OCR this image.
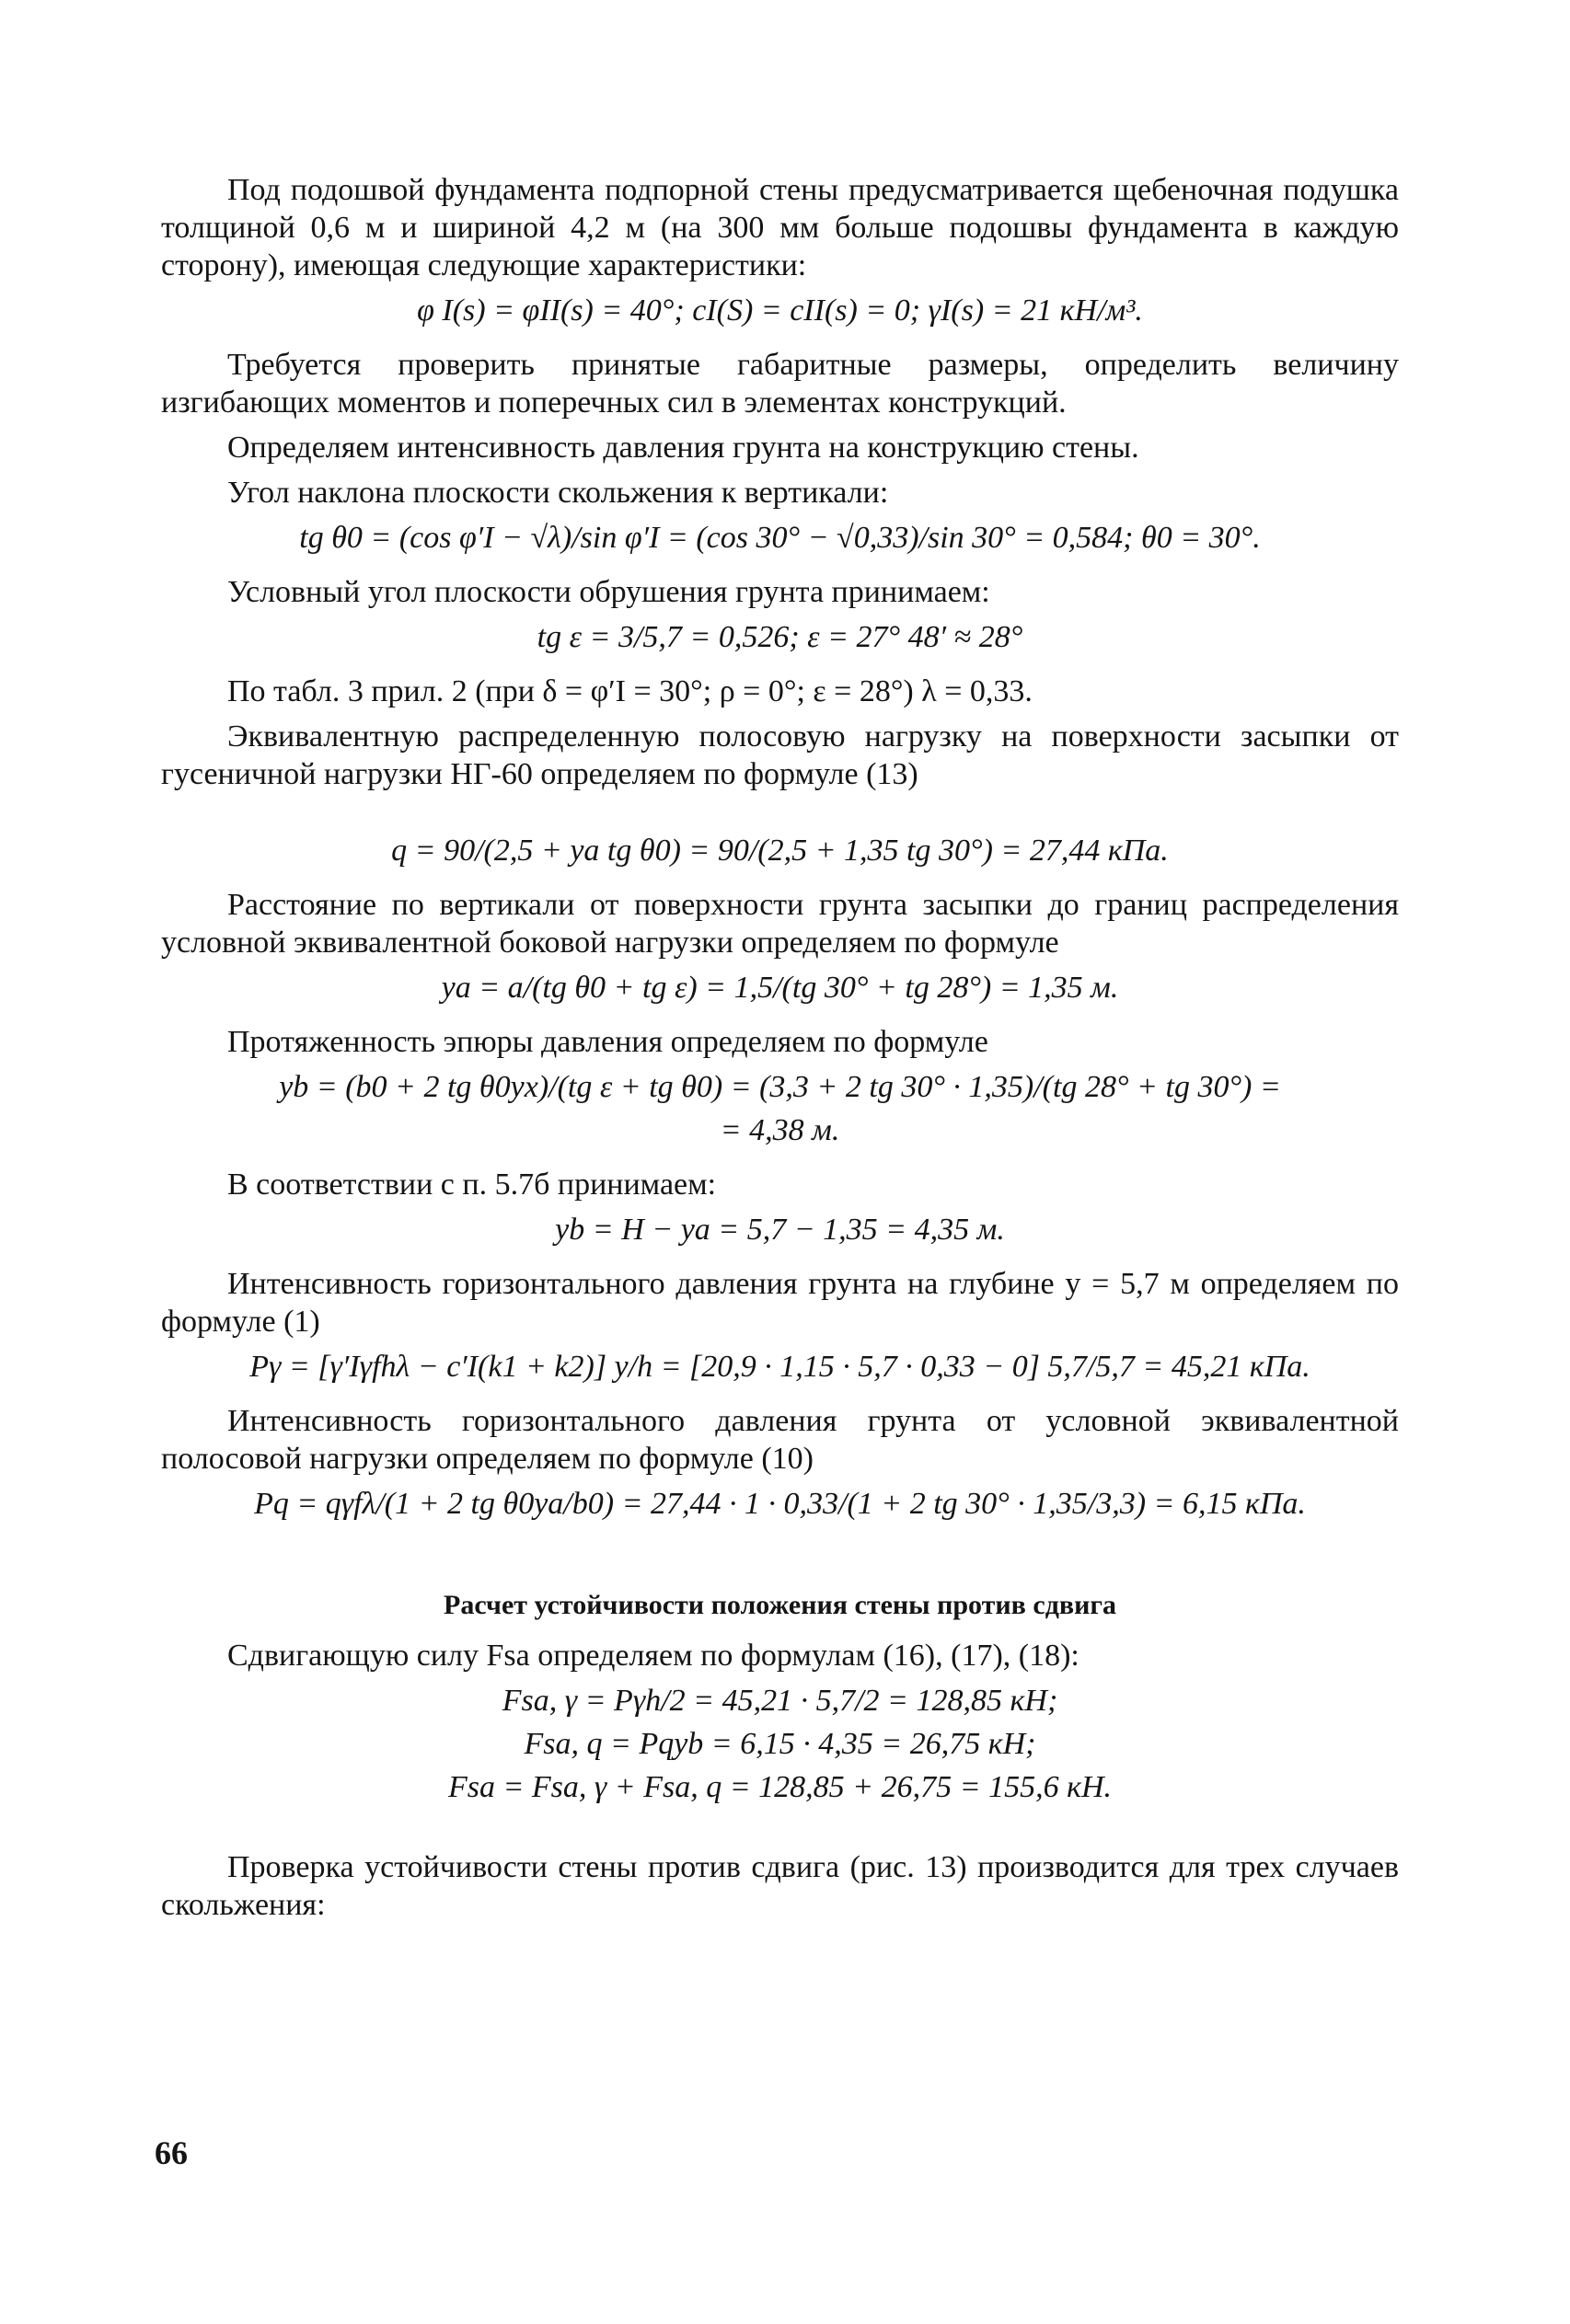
Под подошвой фундамента подпорной стены предусматривается щебеночная подушка толщиной 0,6 м и шириной 4,2 м (на 300 мм больше подошвы фундамента в каждую сторону), имеющая следующие характеристики:

φ I(s) = φII(s) = 40°; cI(S) = cII(s) = 0; γI(s) = 21 кН/м³.

Требуется проверить принятые габаритные размеры, определить величину изгибающих моментов и поперечных сил в элементах конструкций.

Определяем интенсивность давления грунта на конструкцию стены.

Угол наклона плоскости скольжения к вертикали:

tg θ0 = (cos φ′I − √λ)/sin φ′I = (cos 30° − √0,33)/sin 30° = 0,584; θ0 = 30°.

Условный угол плоскости обрушения грунта принимаем:

tg ε = 3/5,7 = 0,526; ε = 27° 48′ ≈ 28°

По табл. 3 прил. 2 (при δ = φ′I = 30°; ρ = 0°; ε = 28°) λ = 0,33.

Эквивалентную распределенную полосовую нагрузку на поверхности засыпки от гусеничной нагрузки НГ-60 определяем по формуле (13)

q = 90/(2,5 + ya tg θ0) = 90/(2,5 + 1,35 tg 30°) = 27,44 кПа.

Расстояние по вертикали от поверхности грунта засыпки до границ распределения условной эквивалентной боковой нагрузки определяем по формуле

ya = a/(tg θ0 + tg ε) = 1,5/(tg 30° + tg 28°) = 1,35 м.

Протяженность эпюры давления определяем по формуле

yb = (b0 + 2 tg θ0yx)/(tg ε + tg θ0) = (3,3 + 2 tg 30° · 1,35)/(tg 28° + tg 30°) =
= 4,38 м.

В соответствии с п. 5.7б принимаем:

yb = H − ya = 5,7 − 1,35 = 4,35 м.

Интенсивность горизонтального давления грунта на глубине y = 5,7 м определяем по формуле (1)

Pγ = [γ′Iγfhλ − c′I(k1 + k2)] y/h = [20,9 · 1,15 · 5,7 · 0,33 − 0] 5,7/5,7 = 45,21 кПа.

Интенсивность горизонтального давления грунта от условной эквивалентной полосовой нагрузки определяем по формуле (10)

Pq = qγfλ/(1 + 2 tg θ0ya/b0) = 27,44 · 1 · 0,33/(1 + 2 tg 30° · 1,35/3,3) = 6,15 кПа.
Расчет устойчивости положения стены против сдвига

Сдвигающую силу Fsa определяем по формулам (16), (17), (18):

Fsa, γ = Pγh/2 = 45,21 · 5,7/2 = 128,85 кН;
Fsa, q = Pqyb = 6,15 · 4,35 = 26,75 кН;
Fsa = Fsa, γ + Fsa, q = 128,85 + 26,75 = 155,6 кН.

Проверка устойчивости стены против сдвига (рис. 13) производится для трех случаев скольжения:

66
